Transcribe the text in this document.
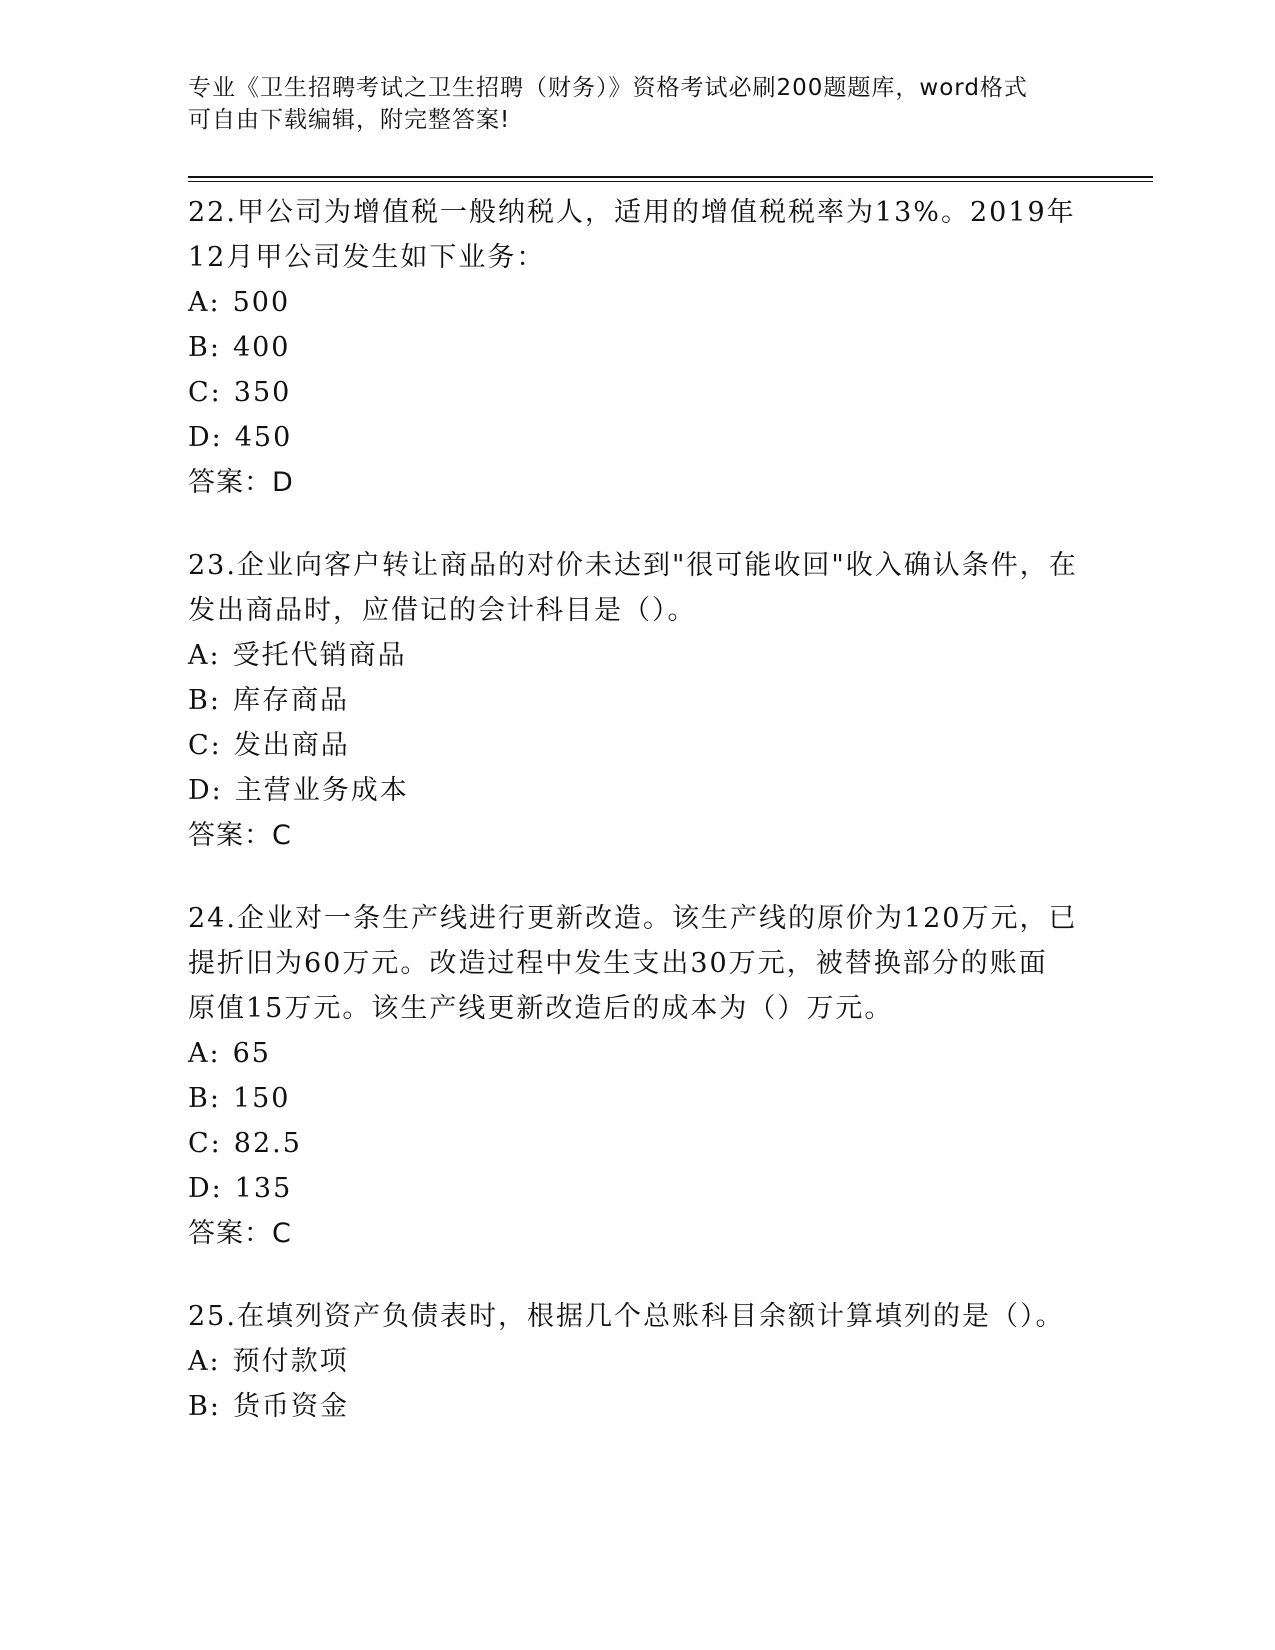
专业《卫生招聘考试之卫生招聘（财务）》资格考试必刷200题题库，word格式
可自由下载编辑，附完整答案!
22.甲公司为增值税一般纳税人，适用的增值税税率为13%。2019年
12月甲公司发生如下业务：
A: 500
B: 400
C: 350
D: 450
答案：D
23.企业向客户转让商品的对价未达到"很可能收回"收入确认条件，在
发出商品时，应借记的会计科目是（）。
A: 受托代销商品
B: 库存商品
C: 发出商品
D: 主营业务成本
答案：C
24.企业对一条生产线进行更新改造。该生产线的原价为120万元，已
提折旧为60万元。改造过程中发生支出30万元，被替换部分的账面
原值15万元。该生产线更新改造后的成本为（）万元。
A: 65
B: 150
C: 82.5
D: 135
答案：C
25.在填列资产负债表时，根据几个总账科目余额计算填列的是（）。
A: 预付款项
B: 货币资金
